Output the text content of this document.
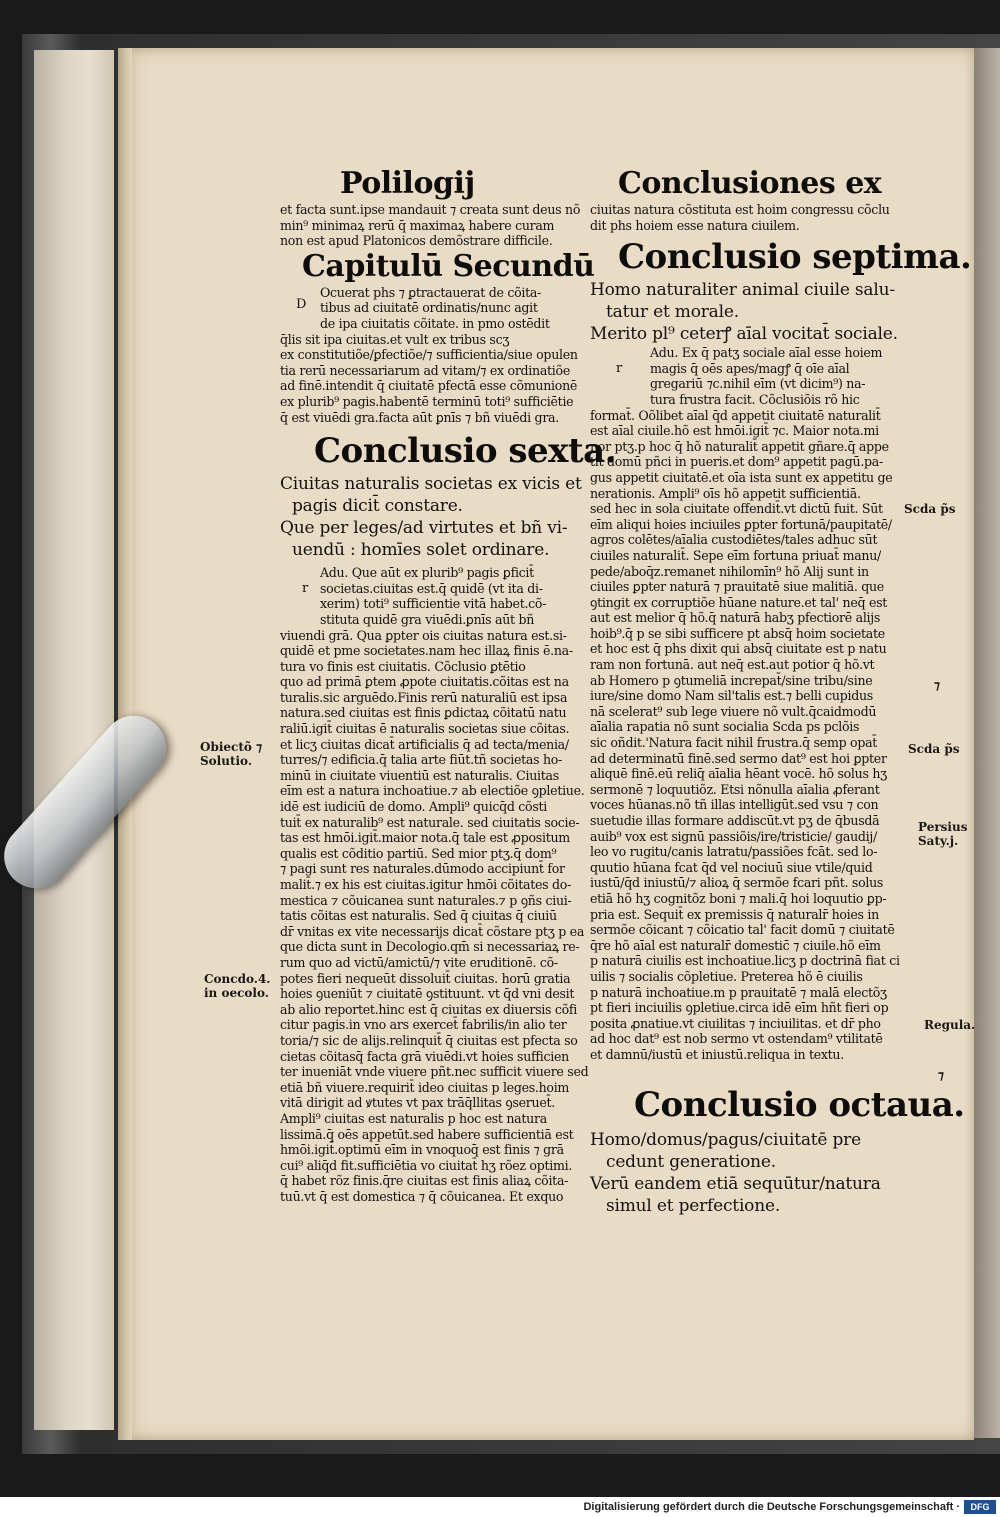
Polilogij
et facta sunt.ipse mandauit ⁊ creata sunt deus nõ
min⁹ minimaꝝ rerū q̄ maximaꝝ habere curam
non est apud Platonicos demõstrare difficile.
Capitulū Secundū
D
Ocuerat phs ⁊ ꝑtractauerat de cõita-
tibus ad ciuitatē ordinatis/nunc agit
de ipa ciuitatis cõitate. in pmo ostēdit
q̄lis sit ipa ciuitas.et vult ex tribus scʒ
ex constitutiõe/ꝑfectiõe/⁊ sufficientia/siue opulen
tia rerū necessariarum ad vitam/⁊ ex ordinatiõe
ad finē.intendit q̄ ciuitatē pfectā esse cõmunionē
ex plurib⁹ pagis.habentē terminū toti⁹ sufficiētie
q̄ est viuēdi gra.facta aūt ꝑnīs ⁊ bñ viuēdi gra.
Conclusio sexta.
Ciuitas naturalis societas ex vicis et
pagis dicit̄ constare.
Que per leges/ad virtutes et bñ vi-
uendū : homīes solet ordinare.
r
Adu. Que aūt ex plurib⁹ pagis ꝑficit̄
societas.ciuitas est.q̄ quidē (vt ita di-
xerim) toti⁹ sufficientie vitā habet.cõ-
stituta quidē gra viuēdi.ꝑnīs aūt bñ
viuendi grā. Qua ꝑpter ois ciuitas natura est.si-
quidē et pme societates.nam hec illaꝝ finis ē.na-
tura vo finis est ciuitatis. Cõclusio ꝑtētio
quo ad primā ꝑtem ꝓpote ciuitatis.cõitas est na
turalis.sic arguēdo.Finis rerū naturaliū est ipsa
natura.sed ciuitas est finis ꝑdictaꝝ cõitatū natu
raliū.igit̄ ciuitas ē naturalis societas siue cõitas.
et licʒ ciuitas dicat̄ artificialis q̄ ad tecta/menia/
turres/⁊ edificia.q̄ talia arte fiūt.tñ societas ho-
minū in ciuitate viuentiū est naturalis. Ciuitas
eīm est a natura inchoatiue.⁊ ab electiõe ꝯpletiue.
idē est iudiciū de domo. Ampli⁹ quicq̄d cõsti
tuit̄ ex naturalib⁹ est naturale. sed ciuitatis socie-
tas est hmōi.igit̄.maior nota.q̄ tale est ꝓpositum
qualis est cõditio partiū. Sed mior ptʒ.q̄ dom⁹
⁊ pagi sunt res naturales.dūmodo accipiunt̄ for
malit̄.⁊ ex his est ciuitas.igitur hmōi cõitates do-
mestica ⁊ cõuicanea sunt naturales.⁊ p ꝯñs ciui-
tatis cõitas est naturalis. Sed q̄ ciuitas q̄ ciuiū
dr̄ vnitas ex vite necessarijs dicat̄ cõstare ptʒ p ea
que dicta sunt in Decologio.qm̄ si necessariaꝝ re-
rum quo ad victū/amictū/⁊ vite eruditionē. cõ-
potes fieri nequeūt dissoluit̄ ciuitas. horū gratia
hoies ꝯueniūt ⁊ ciuitatē ꝯstituunt. vt q̄d vni desit
ab alio reportet.hinc est q̄ ciuitas ex diuersis cõfi
citur pagis.in vno ars exercet̄ fabrilis/in alio ter
toria/⁊ sic de alijs.relinquit̄ q̄ ciuitas est pfecta so
cietas cõitasq̄ facta grā viuēdi.vt hoies sufficien
ter inueniāt vnde viuere pñt.nec sufficit viuere sed
etiā bñ viuere.requirit̄ ideo ciuitas p leges.hoim
vitā dirigit ad ꝟtutes vt pax trāq̄llitas ꝯseruet̄.
Ampli⁹ ciuitas est naturalis p hoc est natura
lissimā.q̄ oēs appetūt.sed habere sufficientiā est
hmōi.igit̄.optimū eīm in vnoquoq̄ est finis ⁊ grā
cui⁹ aliq̄d fit.sufficiētia vo ciuitat̄ hʒ rõez optimi.
q̄ habet rõz finis.q̄re ciuitas est finis aliaꝝ cõita-
tuū.vt q̄ est domestica ⁊ q̄ cõuicanea. Et exquo
Conclusiones ex
ciuitas natura cõstituta est hoim congressu cõclu
dit phs hoiem esse natura ciuilem.
Conclusio septima.
Homo naturaliter animal ciuile salu-
tatur et morale.
Merito pl⁹ ceterꝭ aīal vocitat̄ sociale.
r
Adu. Ex q̄ patʒ sociale aīal esse hoiem
magis q̄ oēs apes/magꝭ q̄ oīe aīal
gregariū ⁊c.nihil eīm (vt dicim⁹) na-
tura frustra facit. Cõclusiõis rõ hic
format̄. Oõlibet aīal q̄d appetit ciuitatē naturalit̄
est aīal ciuile.hõ est hmōi.igit̄ ⁊c. Maior nota.mi
nor ptʒ.p hoc q̄ hõ naturalit̄ appetit gñare.q̄ appe
tit domū pñci in pueris.et dom⁹ appetit pagū.pa-
gus appetit ciuitatē.et oīa ista sunt ex appetitu ge
nerationis. Ampli⁹ oīs hõ appetit sufficientiā.
sed hec in sola ciuitate offendit̄.vt dictū fuit. Sūt
eīm aliqui hoies inciuiles ꝑpter fortunā/paupitatē/
agros colētes/aīalia custodiētes/tales adhuc sūt
ciuiles naturalit̄. Sepe eīm fortuna priuat̄ manu/
pede/aboq̄z.remanet nihilomīn⁹ hõ Alij sunt in
ciuiles ꝑpter naturā ⁊ prauitatē siue malitiā. que
ꝯtingit ex corruptiõe hūane nature.et tal' neq̄ est
aut est melior q̄ hõ.q̄ naturā habʒ pfectiorē alijs
hoib⁹.q̄ p se sibi sufficere pt absq̄ hoim societate
et hoc est q̄ phs dixit qui absq̄ ciuitate est p natu
ram non fortunā. aut neq̄ est.aut potior q̄ hõ.vt
ab Homero p ꝯtumeliā increpat̄/sine tribu/sine
iure/sine domo Nam sil'talis est.⁊ belli cupidus
nā scelerat⁹ sub lege viuere nõ vult.q̄caidmodū
aīalia rapatia nõ sunt socialia Scda ps pclõis
sic oñdit.'Natura facit nihil frustra.q̄ semp opat̄
ad determinatū finē.sed sermo dat⁹ est hoi ꝑpter
aliquē finē.eū reliq̄ aīalia hēant vocē. hõ solus hʒ
sermonē ⁊ loquutiõz. Etsi nõnulla aīalia ꝓferant
voces hūanas.nõ tñ illas intelligūt.sed vsu ⁊ con
suetudie illas formare addiscūt.vt pʒ de q̄busdā
auib⁹ vox est signū passiõis/ire/tristicie/ gaudij/
leo vo rugitu/canis latratu/passiões fcāt. sed lo-
quutio hūana fcat q̄d vel nociuū siue vtile/quid
iustū/q̄d iniustū/⁊ alioꝝ q̄ sermõe fcari pñt. solus
etiā hõ hʒ cognitõz boni ⁊ mali.q̄ hoi loquutio ꝑp-
pria est. Sequit̄ ex premissis q̄ naturalr̄ hoies in
sermõe cõicant ⁊ cõicatio tal' facit domū ⁊ ciuitatē
q̄re hõ aīal est naturalr̄ domestic̄ ⁊ ciuile.hõ eīm
p naturā ciuilis est inchoatiue.licʒ p doctrinā fiat ci
uilis ⁊ socialis cõpletiue. Preterea hõ ē ciuilis
p naturā inchoatiue.m p prauitatē ⁊ malā electõʒ
pt fieri inciuilis ꝯpletiue.circa idē eīm hñt fieri op
posita ꝓnatiue.vt ciuilitas ⁊ inciuilitas. et dr̄ pho
ad hoc dat⁹ est nob sermo vt ostendam⁹ vtilitatē
et damnū/iustū et iniustū.reliqua in textu.
Conclusio octaua.
Homo/domus/pagus/ciuitatē pre
cedunt generatione.
Verū eandem etiā sequūtur/natura
simul et perfectione.
Obiectõ ⁊
Solutio.
Concdo.4.
in oecolo.
Scda p̃s
⁊
Scda p̃s
Persius
Saty.j.
Regula.
⁊
Digitalisierung gefördert durch die Deutsche Forschungsgemeinschaft ·	DFG
